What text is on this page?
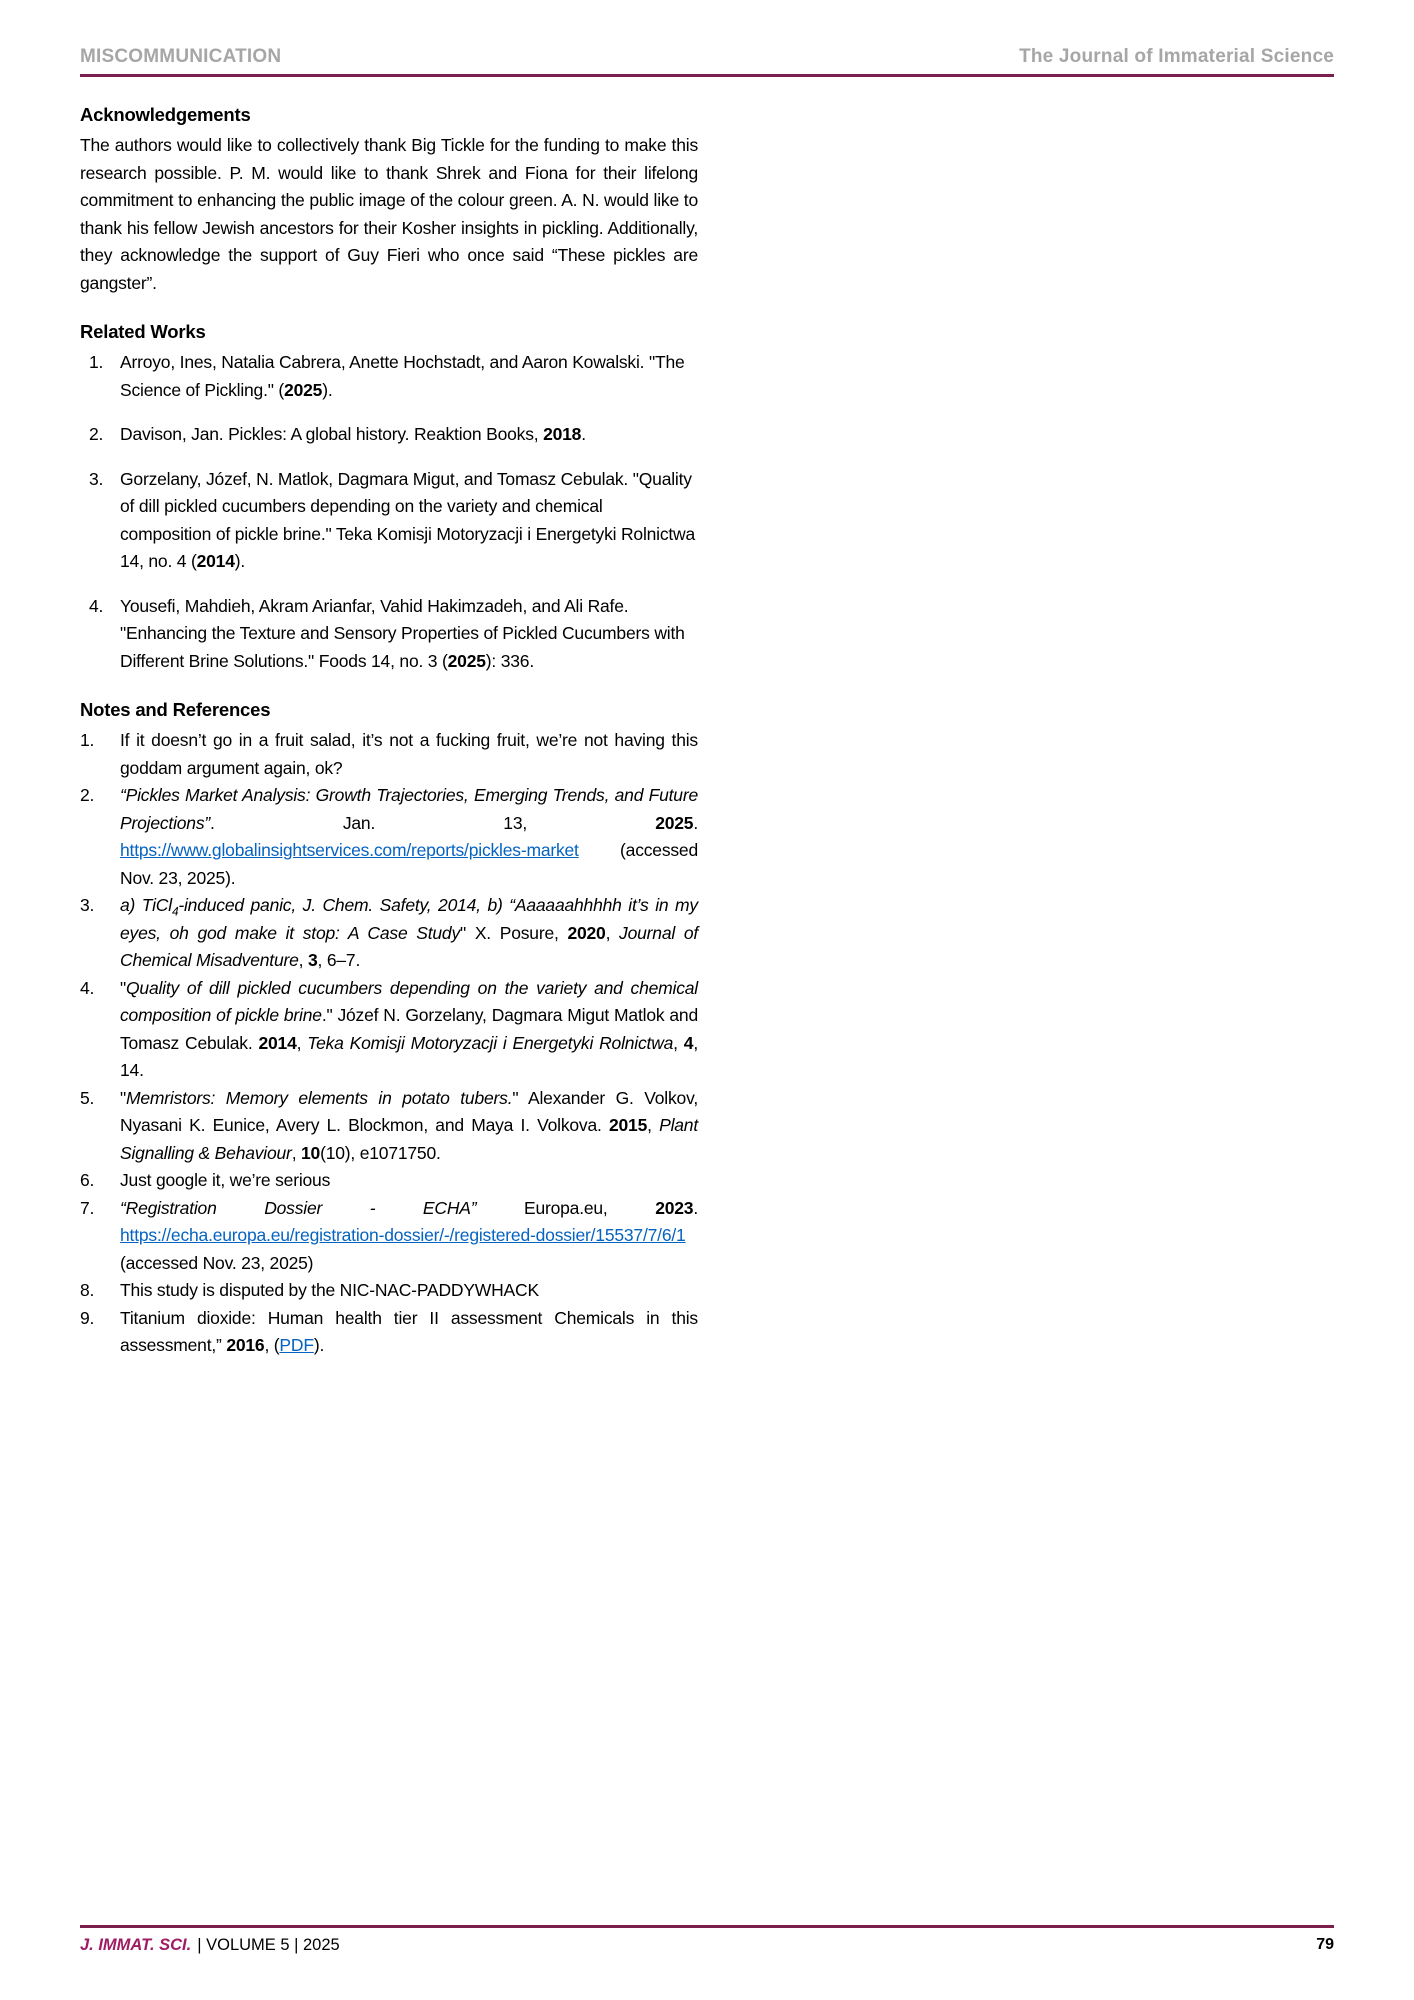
MISCOMMUNICATION	The Journal of Immaterial Science
Acknowledgements

The authors would like to collectively thank Big Tickle for the funding to make this research possible. P. M. would like to thank Shrek and Fiona for their lifelong commitment to enhancing the public image of the colour green. A. N. would like to thank his fellow Jewish ancestors for their Kosher insights in pickling. Additionally, they acknowledge the support of Guy Fieri who once said “These pickles are gangster”.

Related Works
1. Arroyo, Ines, Natalia Cabrera, Anette Hochstadt, and Aaron Kowalski. "The Science of Pickling." (2025).
2. Davison, Jan. Pickles: A global history. Reaktion Books, 2018.
3. Gorzelany, Józef, N. Matlok, Dagmara Migut, and Tomasz Cebulak. "Quality of dill pickled cucumbers depending on the variety and chemical composition of pickle brine." Teka Komisji Motoryzacji i Energetyki Rolnictwa 14, no. 4 (2014).
4. Yousefi, Mahdieh, Akram Arianfar, Vahid Hakimzadeh, and Ali Rafe. "Enhancing the Texture and Sensory Properties of Pickled Cucumbers with Different Brine Solutions." Foods 14, no. 3 (2025): 336.
Notes and References
1.	If it doesn’t go in a fruit salad, it’s not a fucking fruit, we’re not having this goddam argument again, ok?
2.	“Pickles Market Analysis: Growth Trajectories, Emerging Trends, and Future Projections”. Jan. 13, 2025. https://www.globalinsightservices.com/reports/pickles-market (accessed Nov. 23, 2025).
3.	a) TiCl$_4$-induced panic, J. Chem. Safety, 2014, b) “Aaaaaahhhhh it’s in my eyes, oh god make it stop: A Case Study" X. Posure, 2020, Journal of Chemical Misadventure, 3, 6–7.
4.	"Quality of dill pickled cucumbers depending on the variety and chemical composition of pickle brine." Józef N. Gorzelany, Dagmara Migut Matlok and Tomasz Cebulak. 2014, Teka Komisji Motoryzacji i Energetyki Rolnictwa, 4, 14.
5.	"Memristors: Memory elements in potato tubers." Alexander G. Volkov, Nyasani K. Eunice, Avery L. Blockmon, and Maya I. Volkova. 2015, Plant Signalling & Behaviour, 10(10), e1071750.
6.	Just google it, we’re serious
7.	“Registration Dossier - ECHA” Europa.eu, 2023. https://echa.europa.eu/registration-dossier/-/registered-dossier/15537/7/6/1 (accessed Nov. 23, 2025)
8.	This study is disputed by the NIC-NAC-PADDYWHACK
9.	Titanium dioxide: Human health tier II assessment Chemicals in this assessment,” 2016, (PDF).
J. IMMAT. SCI. | VOLUME 5 | 2025	79
